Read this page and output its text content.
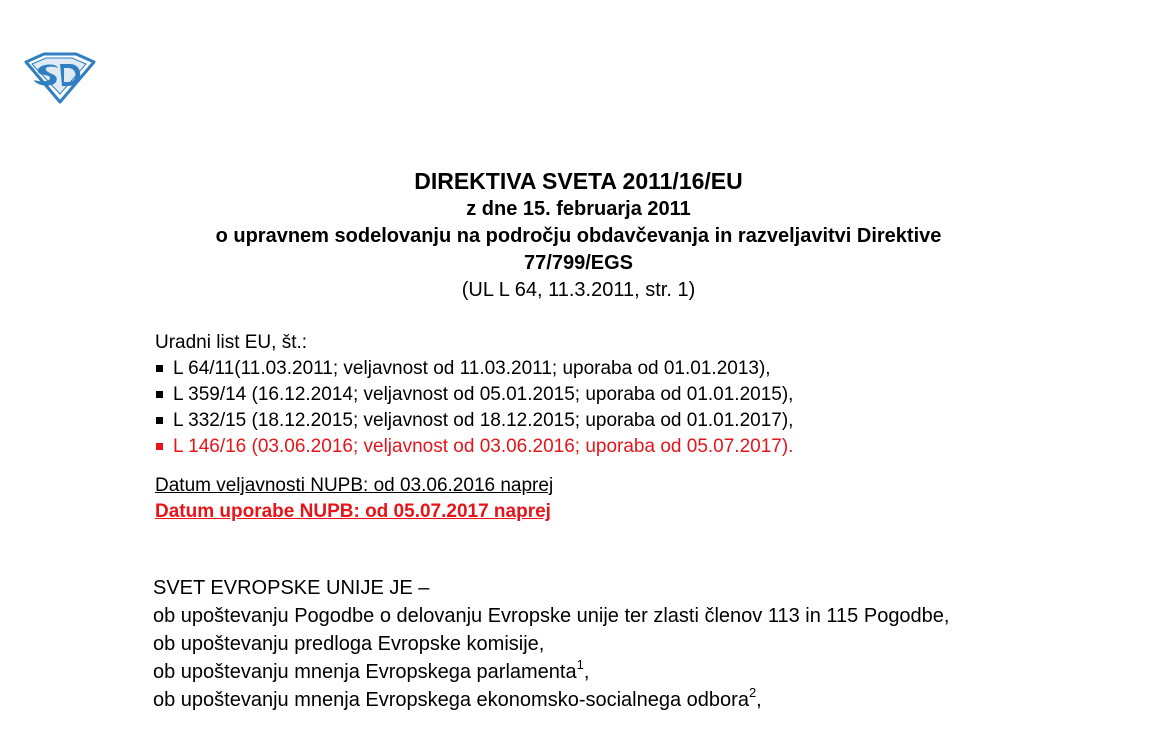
DIREKTIVA SVETA 2011/16/EU
z dne 15. februarja 2011
o upravnem sodelovanju na področju obdavčevanja in razveljavitvi Direktive
77/799/EGS
(UL L 64, 11.3.2011, str. 1)
Uradni list EU, št.:
L 64/11(11.03.2011; veljavnost od 11.03.2011; uporaba od 01.01.2013),
L 359/14 (16.12.2014; veljavnost od 05.01.2015; uporaba od 01.01.2015),
L 332/15 (18.12.2015; veljavnost od 18.12.2015; uporaba od 01.01.2017),
L 146/16 (03.06.2016; veljavnost od 03.06.2016; uporaba od 05.07.2017).
Datum veljavnosti NUPB: od 03.06.2016 naprej
Datum uporabe NUPB: od 05.07.2017 naprej

SVET EVROPSKE UNIJE JE –

ob upoštevanju Pogodbe o delovanju Evropske unije ter zlasti členov 113 in 115 Pogodbe,

ob upoštevanju predloga Evropske komisije,

ob upoštevanju mnenja Evropskega parlamenta$^1$,

ob upoštevanju mnenja Evropskega ekonomsko-socialnega odbora$^2$,
